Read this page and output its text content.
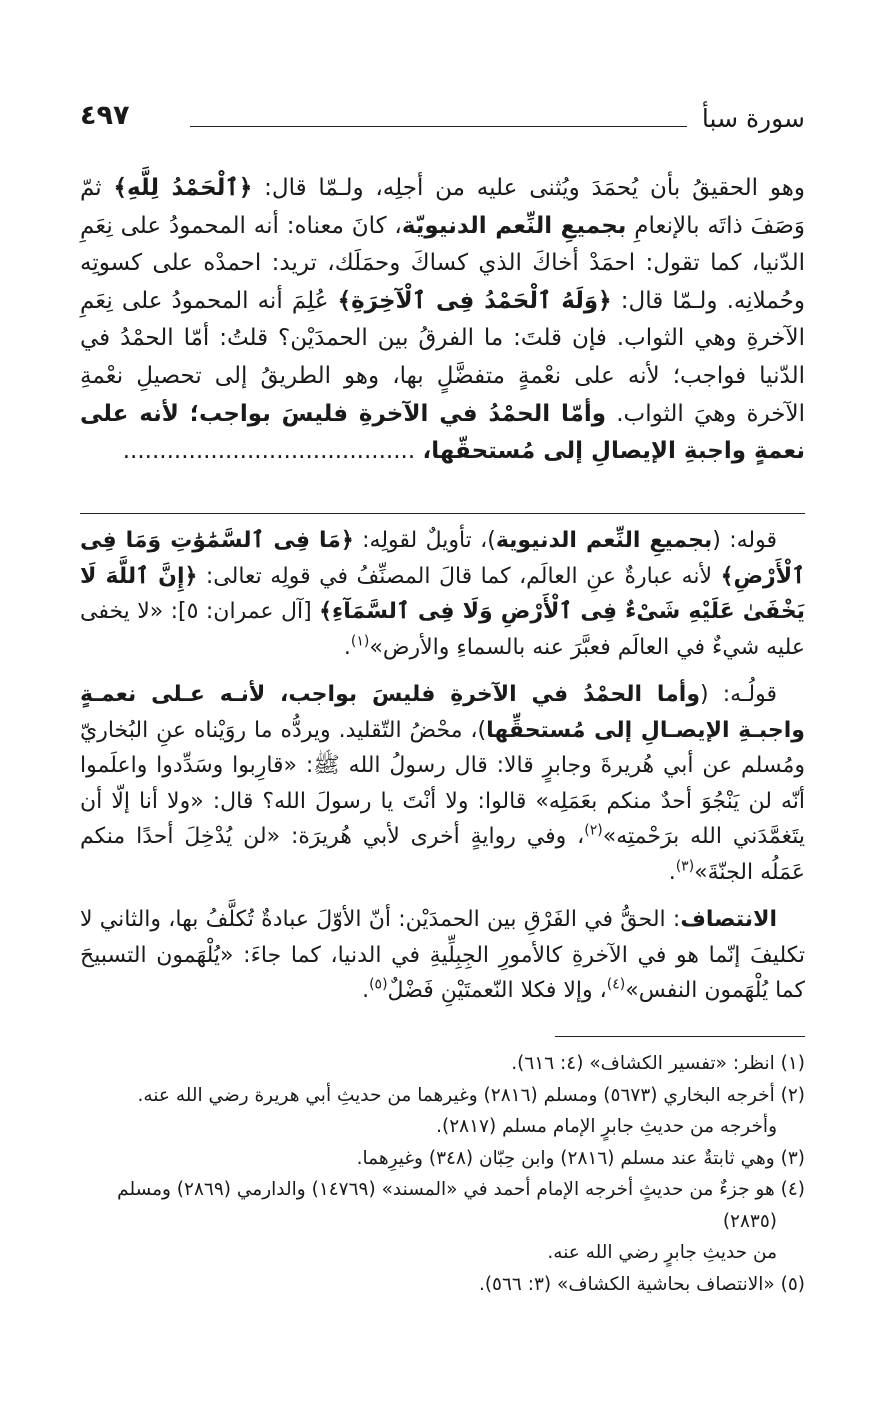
سورة سبأ
٤٩٧
وهو الحقيقُ بأن يُحمَدَ ويُثنى عليه من أجلِه، ولـمّا قال: ﴿ٱلْحَمْدُ لِلَّهِ﴾ ثمّ وَصَفَ ذاتَه بالإنعامِ بجميعِ النِّعم الدنيويّة، كانَ معناه: أنه المحمودُ على نِعَمِ الدّنيا، كما تقول: احمَدْ أخاكَ الذي كساكَ وحمَلَك، تريد: احمدْه على كسوتِه وحُملانِه. ولـمّا قال: ﴿وَلَهُ ٱلْحَمْدُ فِى ٱلْآخِرَةِ﴾ عُلِمَ أنه المحمودُ على نِعَمِ الآخرةِ وهي الثواب. فإن قلتَ: ما الفرقُ بين الحمدَيْن؟ قلتُ: أمّا الحمْدُ في الدّنيا فواجب؛ لأنه على نعْمةٍ متفضَّلٍ بها، وهو الطريقُ إلى تحصيلِ نعْمةِ الآخرة وهيَ الثواب. وأمّا الحمْدُ في الآخرةِ فليسَ بواجب؛ لأنه على نعمةٍ واجبةِ الإيصالِ إلى مُستحقّها، ........................................

قوله: (بجميعِ النِّعم الدنيوية)، تأويلٌ لقولِه: ﴿مَا فِى ٱلسَّمَٰوَٰتِ وَمَا فِى ٱلْأَرْضِ﴾ لأنه عبارةٌ عنِ العالَم، كما قالَ المصنِّفُ في قولِه تعالى: ﴿إِنَّ ٱللَّهَ لَا يَخْفَىٰ عَلَيْهِ شَىْءٌ فِى ٱلْأَرْضِ وَلَا فِى ٱلسَّمَآءِ﴾ [آل عمران: ٥]: «لا يخفى عليه شيءٌ في العالَم فعبَّرَ عنه بالسماءِ والأرض»$^{(١)}$.

قولُـه: (وأما الحمْدُ في الآخرةِ فليسَ بواجب، لأنـه عـلى نعمـةٍ واجبـةِ الإيصـالِ إلى مُستحقِّها)، محْضُ التّقليد. ويردُّه ما روَيْناه عنِ البُخاريّ ومُسلم عن أبي هُريرةَ وجابرٍ قالا: قال رسولُ الله ﷺ: «قارِبوا وسَدِّدوا واعلَموا أنّه لن يَنْجُوَ أحدٌ منكم بعَمَلِه» قالوا: ولا أنْتَ يا رسولَ الله؟ قال: «ولا أنا إلّا أن يتَغمَّدَني الله برَحْمتِه»$^{(٢)}$، وفي روايةٍ أخرى لأبي هُريرَة: «لن يُدْخِلَ أحدًا منكم عَمَلُه الجنّةَ»$^{(٣)}$.

الانتصاف: الحقُّ في الفَرْقِ بين الحمدَيْن: أنّ الأوّلَ عبادةٌ تُكلَّفُ بها، والثاني لا تكليفَ إنّما هو في الآخرةِ كالأمورِ الجِبِلِّيةِ في الدنيا، كما جاءَ: «يُلْهَمون التسبيحَ كما يُلْهَمون النفس»$^{(٤)}$، وإلا فكلا النّعمتَيْنِ فَضْلٌ$^{(٥)}$.

(١) انظر: «تفسير الكشاف» (٤: ٦١٦).

(٢) أخرجه البخاري (٥٦٧٣) ومسلم (٢٨١٦) وغيرهما من حديثِ أبي هريرة رضي الله عنه.

وأخرجه من حديثِ جابرٍ الإمام مسلم (٢٨١٧).

(٣) وهي ثابتةٌ عند مسلم (٢٨١٦) وابن حِبّان (٣٤٨) وغيرِهما.

(٤) هو جزءٌ من حديثٍ أخرجه الإمام أحمد في «المسند» (١٤٧٦٩) والدارمي (٢٨٦٩) ومسلم (٢٨٣٥)

من حديثِ جابرٍ رضي الله عنه.

(٥) «الانتصاف بحاشية الكشاف» (٣: ٥٦٦).
